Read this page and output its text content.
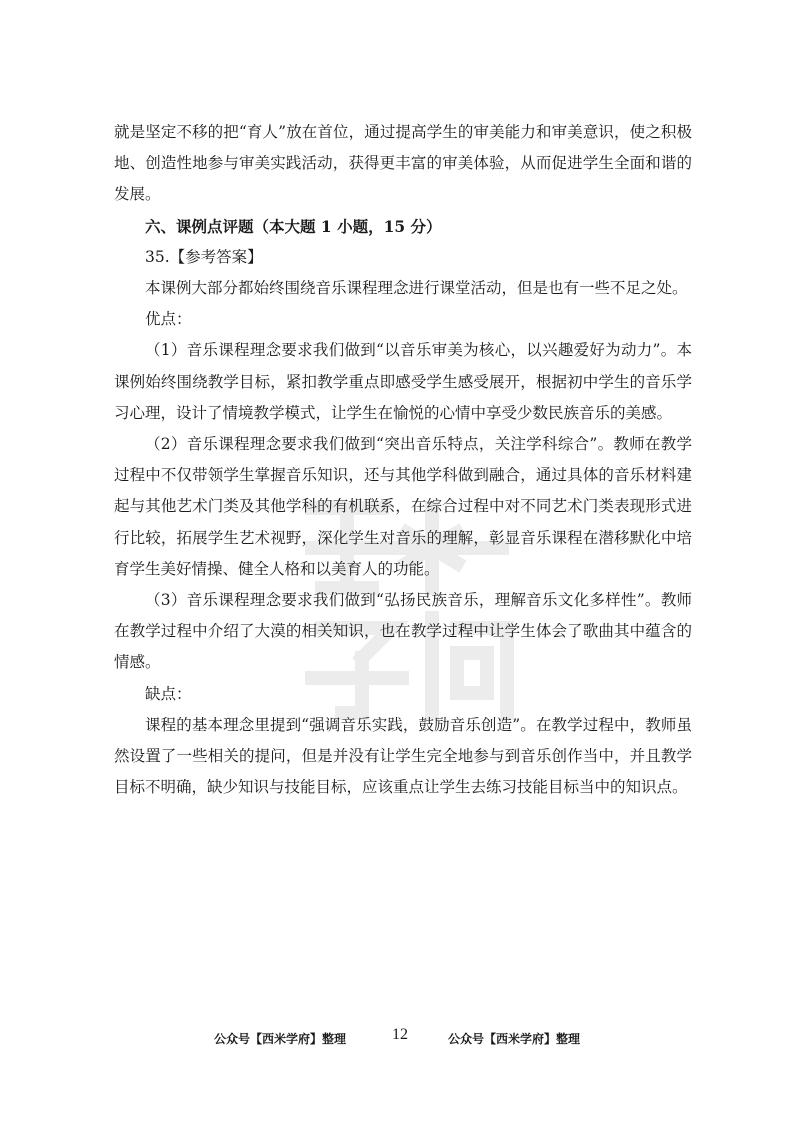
就是坚定不移的把“育人”放在首位，通过提高学生的审美能力和审美意识，使之积极地、创造性地参与审美实践活动，获得更丰富的审美体验，从而促进学生全面和谐的发展。

六、课例点评题（本大题 1 小题，15 分）

35.【参考答案】

本课例大部分都始终围绕音乐课程理念进行课堂活动，但是也有一些不足之处。

优点：

（1）音乐课程理念要求我们做到“以音乐审美为核心，以兴趣爱好为动力”。本课例始终围绕教学目标，紧扣教学重点即感受学生感受展开，根据初中学生的音乐学习心理，设计了情境教学模式，让学生在愉悦的心情中享受少数民族音乐的美感。

（2）音乐课程理念要求我们做到“突出音乐特点，关注学科综合”。教师在教学过程中不仅带领学生掌握音乐知识，还与其他学科做到融合，通过具体的音乐材料建起与其他艺术门类及其他学科的有机联系，在综合过程中对不同艺术门类表现形式进行比较，拓展学生艺术视野，深化学生对音乐的理解，彰显音乐课程在潜移默化中培育学生美好情操、健全人格和以美育人的功能。

（3）音乐课程理念要求我们做到“弘扬民族音乐，理解音乐文化多样性”。教师在教学过程中介绍了大漠的相关知识，也在教学过程中让学生体会了歌曲其中蕴含的情感。

缺点：

课程的基本理念里提到“强调音乐实践，鼓励音乐创造”。在教学过程中，教师虽然设置了一些相关的提问，但是并没有让学生完全地参与到音乐创作当中，并且教学目标不明确，缺少知识与技能目标，应该重点让学生去练习技能目标当中的知识点。

公众号【西米学府】整理	12	公众号【西米学府】整理
